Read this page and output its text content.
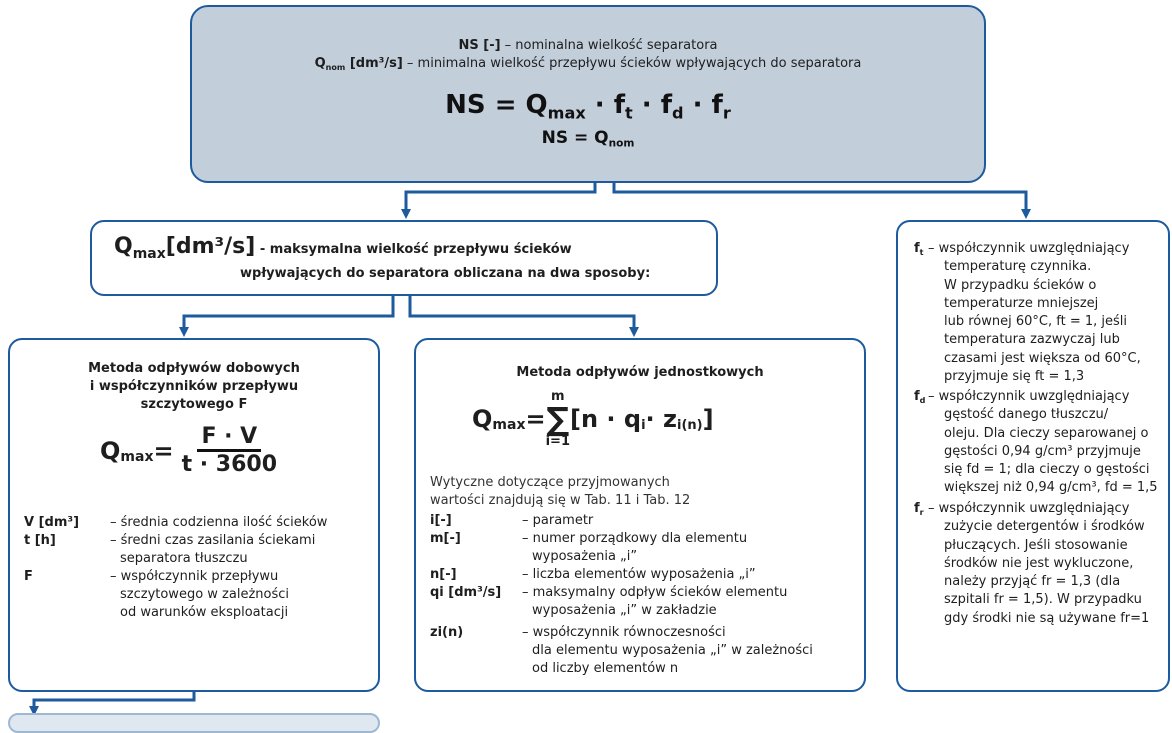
NS [-] – nominalna wielkość separatora
$Q_{nom}$ [dm³/s] – minimalna wielkość przepływu ścieków wpływających do separatora
NS = $Q_{max} \cdot f_t \cdot f_d \cdot f_r$
NS = $Q_{nom}$
$Q_{max}[dm^3/s]$ - maksymalna wielkość przepływu ścieków
wpływających do separatora obliczana na dwa sposoby:
Metoda odpływów dobowych
i współczynników przepływu
szczytowego F
Q $\max = \frac{F \cdot V}{t \cdot 3600}$
V [dm³]	– średnia codzienna ilość ścieków
t [h]	– średni czas zasilania ściekami
separatora tłuszczu
F	– współczynnik przepływu
szczytowego w zależności
od warunków eksploatacji
Metoda odpływów jednostkowych
Q max =
m
∑
i=1
[$n \cdot q_i \cdot z_{i(n)}$ ]
Wytyczne dotyczące przyjmowanych
wartości znajdują się w Tab. 11 i Tab. 12
i[-]	– parametr
m[-]	– numer porządkowy dla elementu
wyposażenia „i”
n[-]	– liczba elementów wyposażenia „i”
qi [dm³/s]	– maksymalny odpływ ścieków elementu
wyposażenia „i” w zakładzie
zi(n)	– współczynnik równoczesności
dla elementu wyposażenia „i” w zależności
od liczby elementów n
$f_t$ – współczynnik uwzględniający
temperaturę czynnika.
W przypadku ścieków o
temperaturze mniejszej
lub równej 60°C, ft = 1, jeśli
temperatura zazwyczaj lub
czasami jest większa od 60°C,
przyjmuje się ft = 1,3
$f_d$ – współczynnik uwzględniający
gęstość danego tłuszczu/
oleju. Dla cieczy separowanej o
gęstości 0,94 g/cm³ przyjmuje
się fd = 1; dla cieczy o gęstości
większej niż 0,94 g/cm³, fd = 1,5
$f_r$ – współczynnik uwzględniający
zużycie detergentów i środków
płuczących. Jeśli stosowanie
środków nie jest wykluczone,
należy przyjąć fr = 1,3 (dla
szpitali fr = 1,5). W przypadku
gdy środki nie są używane fr=1
